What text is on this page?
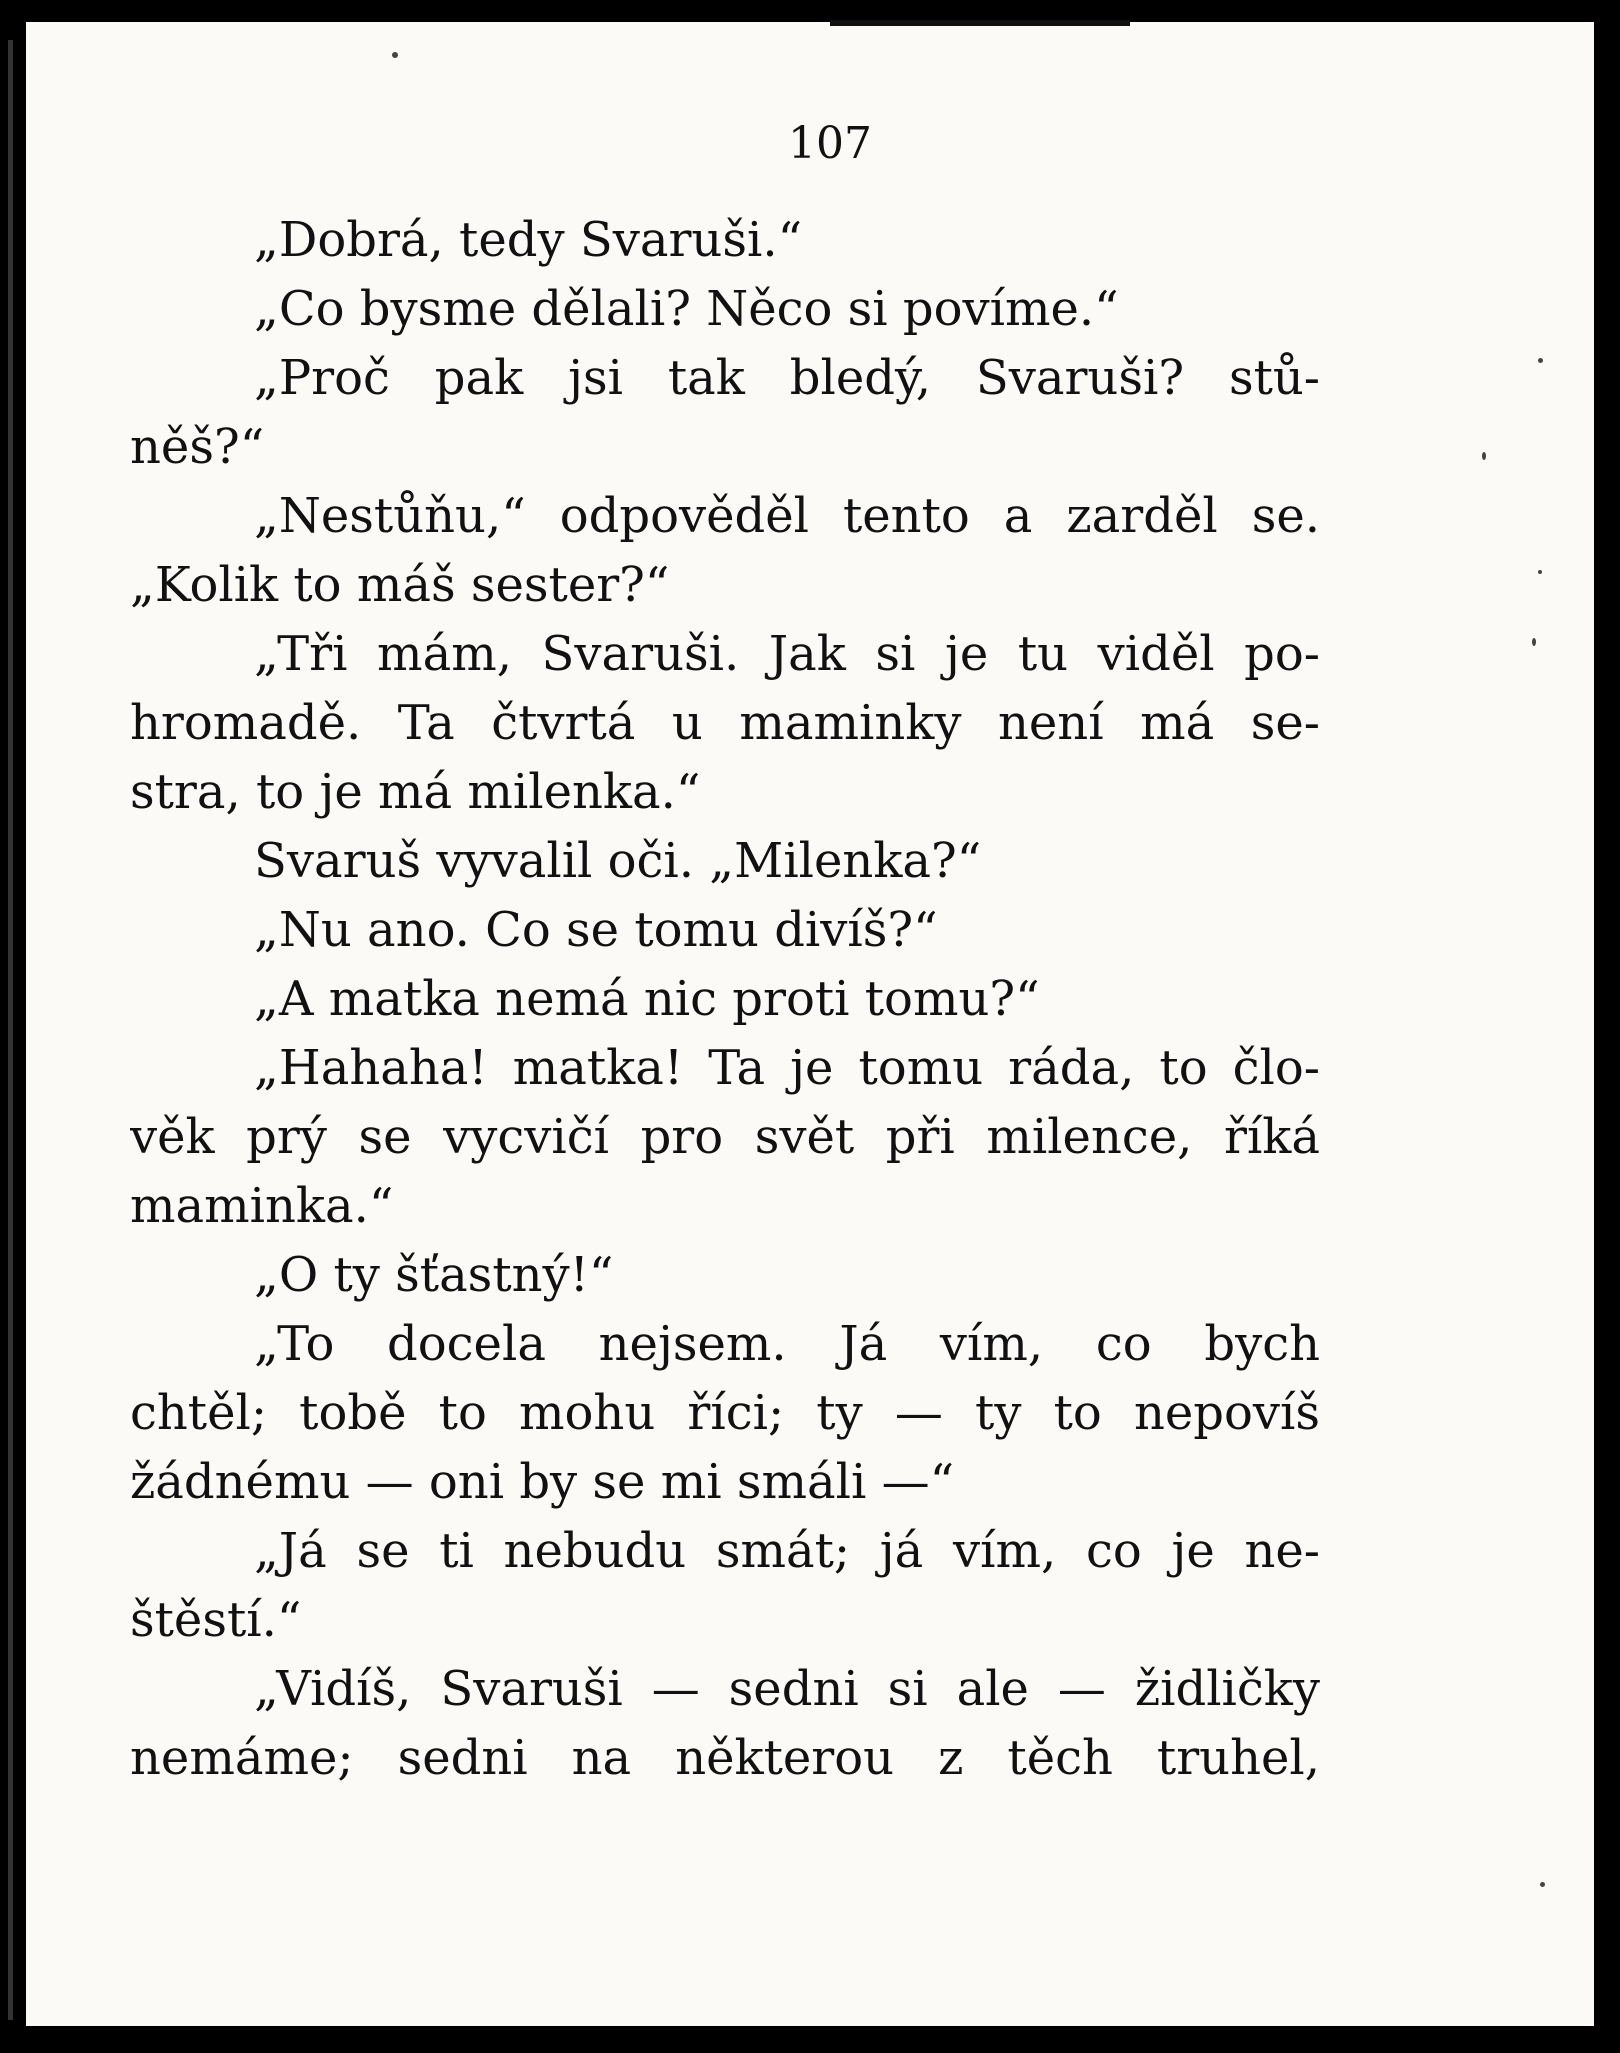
107
„Dobrá, tedy Svaruši.“
„Co bysme dělali? Něco si povíme.“
„Proč pak jsi tak bledý, Svaruši? stů-
něš?“
„Nestůňu,“ odpověděl tento a zarděl se.
„Kolik to máš sester?“
„Tři mám, Svaruši. Jak si je tu viděl po-
hromadě. Ta čtvrtá u maminky není má se-
stra, to je má milenka.“
Svaruš vyvalil oči. „Milenka?“
„Nu ano. Co se tomu divíš?“
„A matka nemá nic proti tomu?“
„Hahaha! matka! Ta je tomu ráda, to člo-
věk prý se vycvičí pro svět při milence, říká
maminka.“
„O ty šťastný!“
„To docela nejsem. Já vím, co bych
chtěl; tobě to mohu říci; ty — ty to nepovíš
žádnému — oni by se mi smáli —“
„Já se ti nebudu smát; já vím, co je ne-
štěstí.“
„Vidíš, Svaruši — sedni si ale — židličky
nemáme; sedni na některou z těch truhel,
